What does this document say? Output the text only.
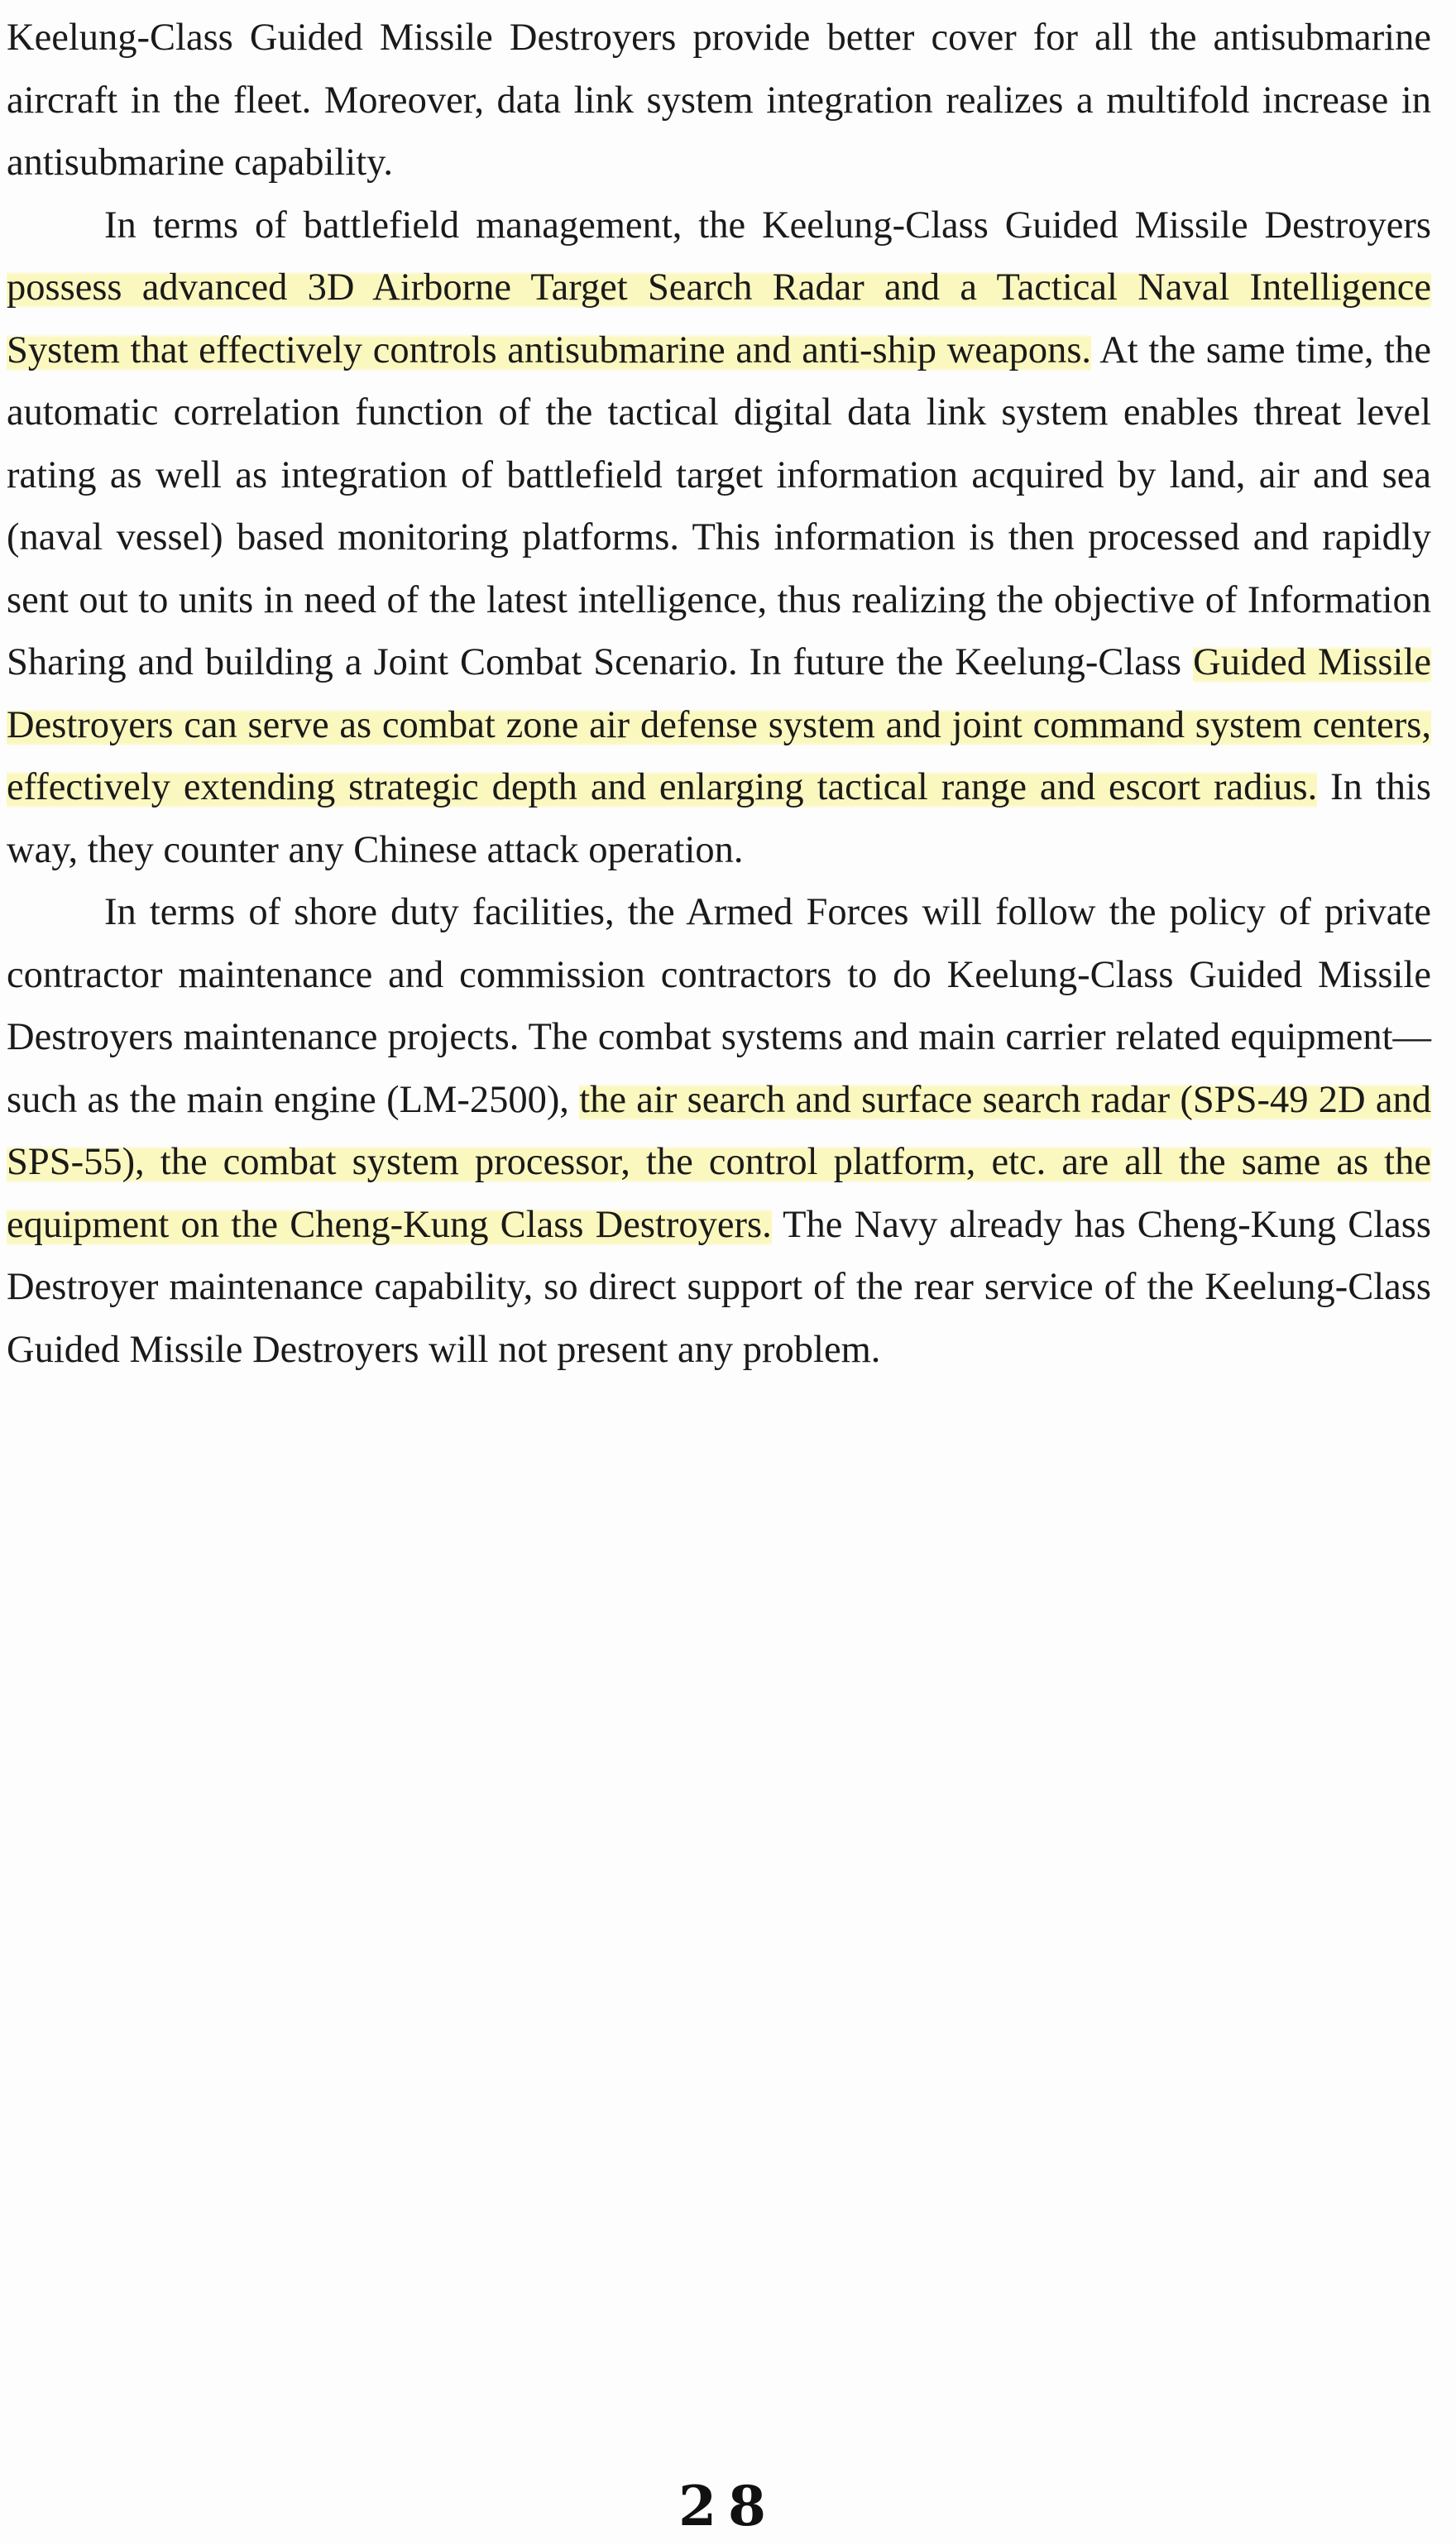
Keelung-Class Guided Missile Destroyers provide better cover for all the antisubmarine aircraft in the fleet. Moreover, data link system integration realizes a multifold increase in antisubmarine capability.

In terms of battlefield management, the Keelung-Class Guided Missile Destroyers possess advanced 3D Airborne Target Search Radar and a Tactical Naval Intelligence System that effectively controls antisubmarine and anti-ship weapons. At the same time, the automatic correlation function of the tactical digital data link system enables threat level rating as well as integration of battlefield target information acquired by land, air and sea (naval vessel) based monitoring platforms. This information is then processed and rapidly sent out to units in need of the latest intelligence, thus realizing the objective of Information Sharing and building a Joint Combat Scenario. In future the Keelung-Class Guided Missile Destroyers can serve as combat zone air defense system and joint command system centers, effectively extending strategic depth and enlarging tactical range and escort radius. In this way, they counter any Chinese attack operation.

In terms of shore duty facilities, the Armed Forces will follow the policy of private contractor maintenance and commission contractors to do Keelung-Class Guided Missile Destroyers maintenance projects. The combat systems and main carrier related equipment—such as the main engine (LM-2500), the air search and surface search radar (SPS-49 2D and SPS-55), the combat system processor, the control platform, etc. are all the same as the equipment on the Cheng-Kung Class Destroyers. The Navy already has Cheng-Kung Class Destroyer maintenance capability, so direct support of the rear service of the Keelung-Class Guided Missile Destroyers will not present any problem.

28
